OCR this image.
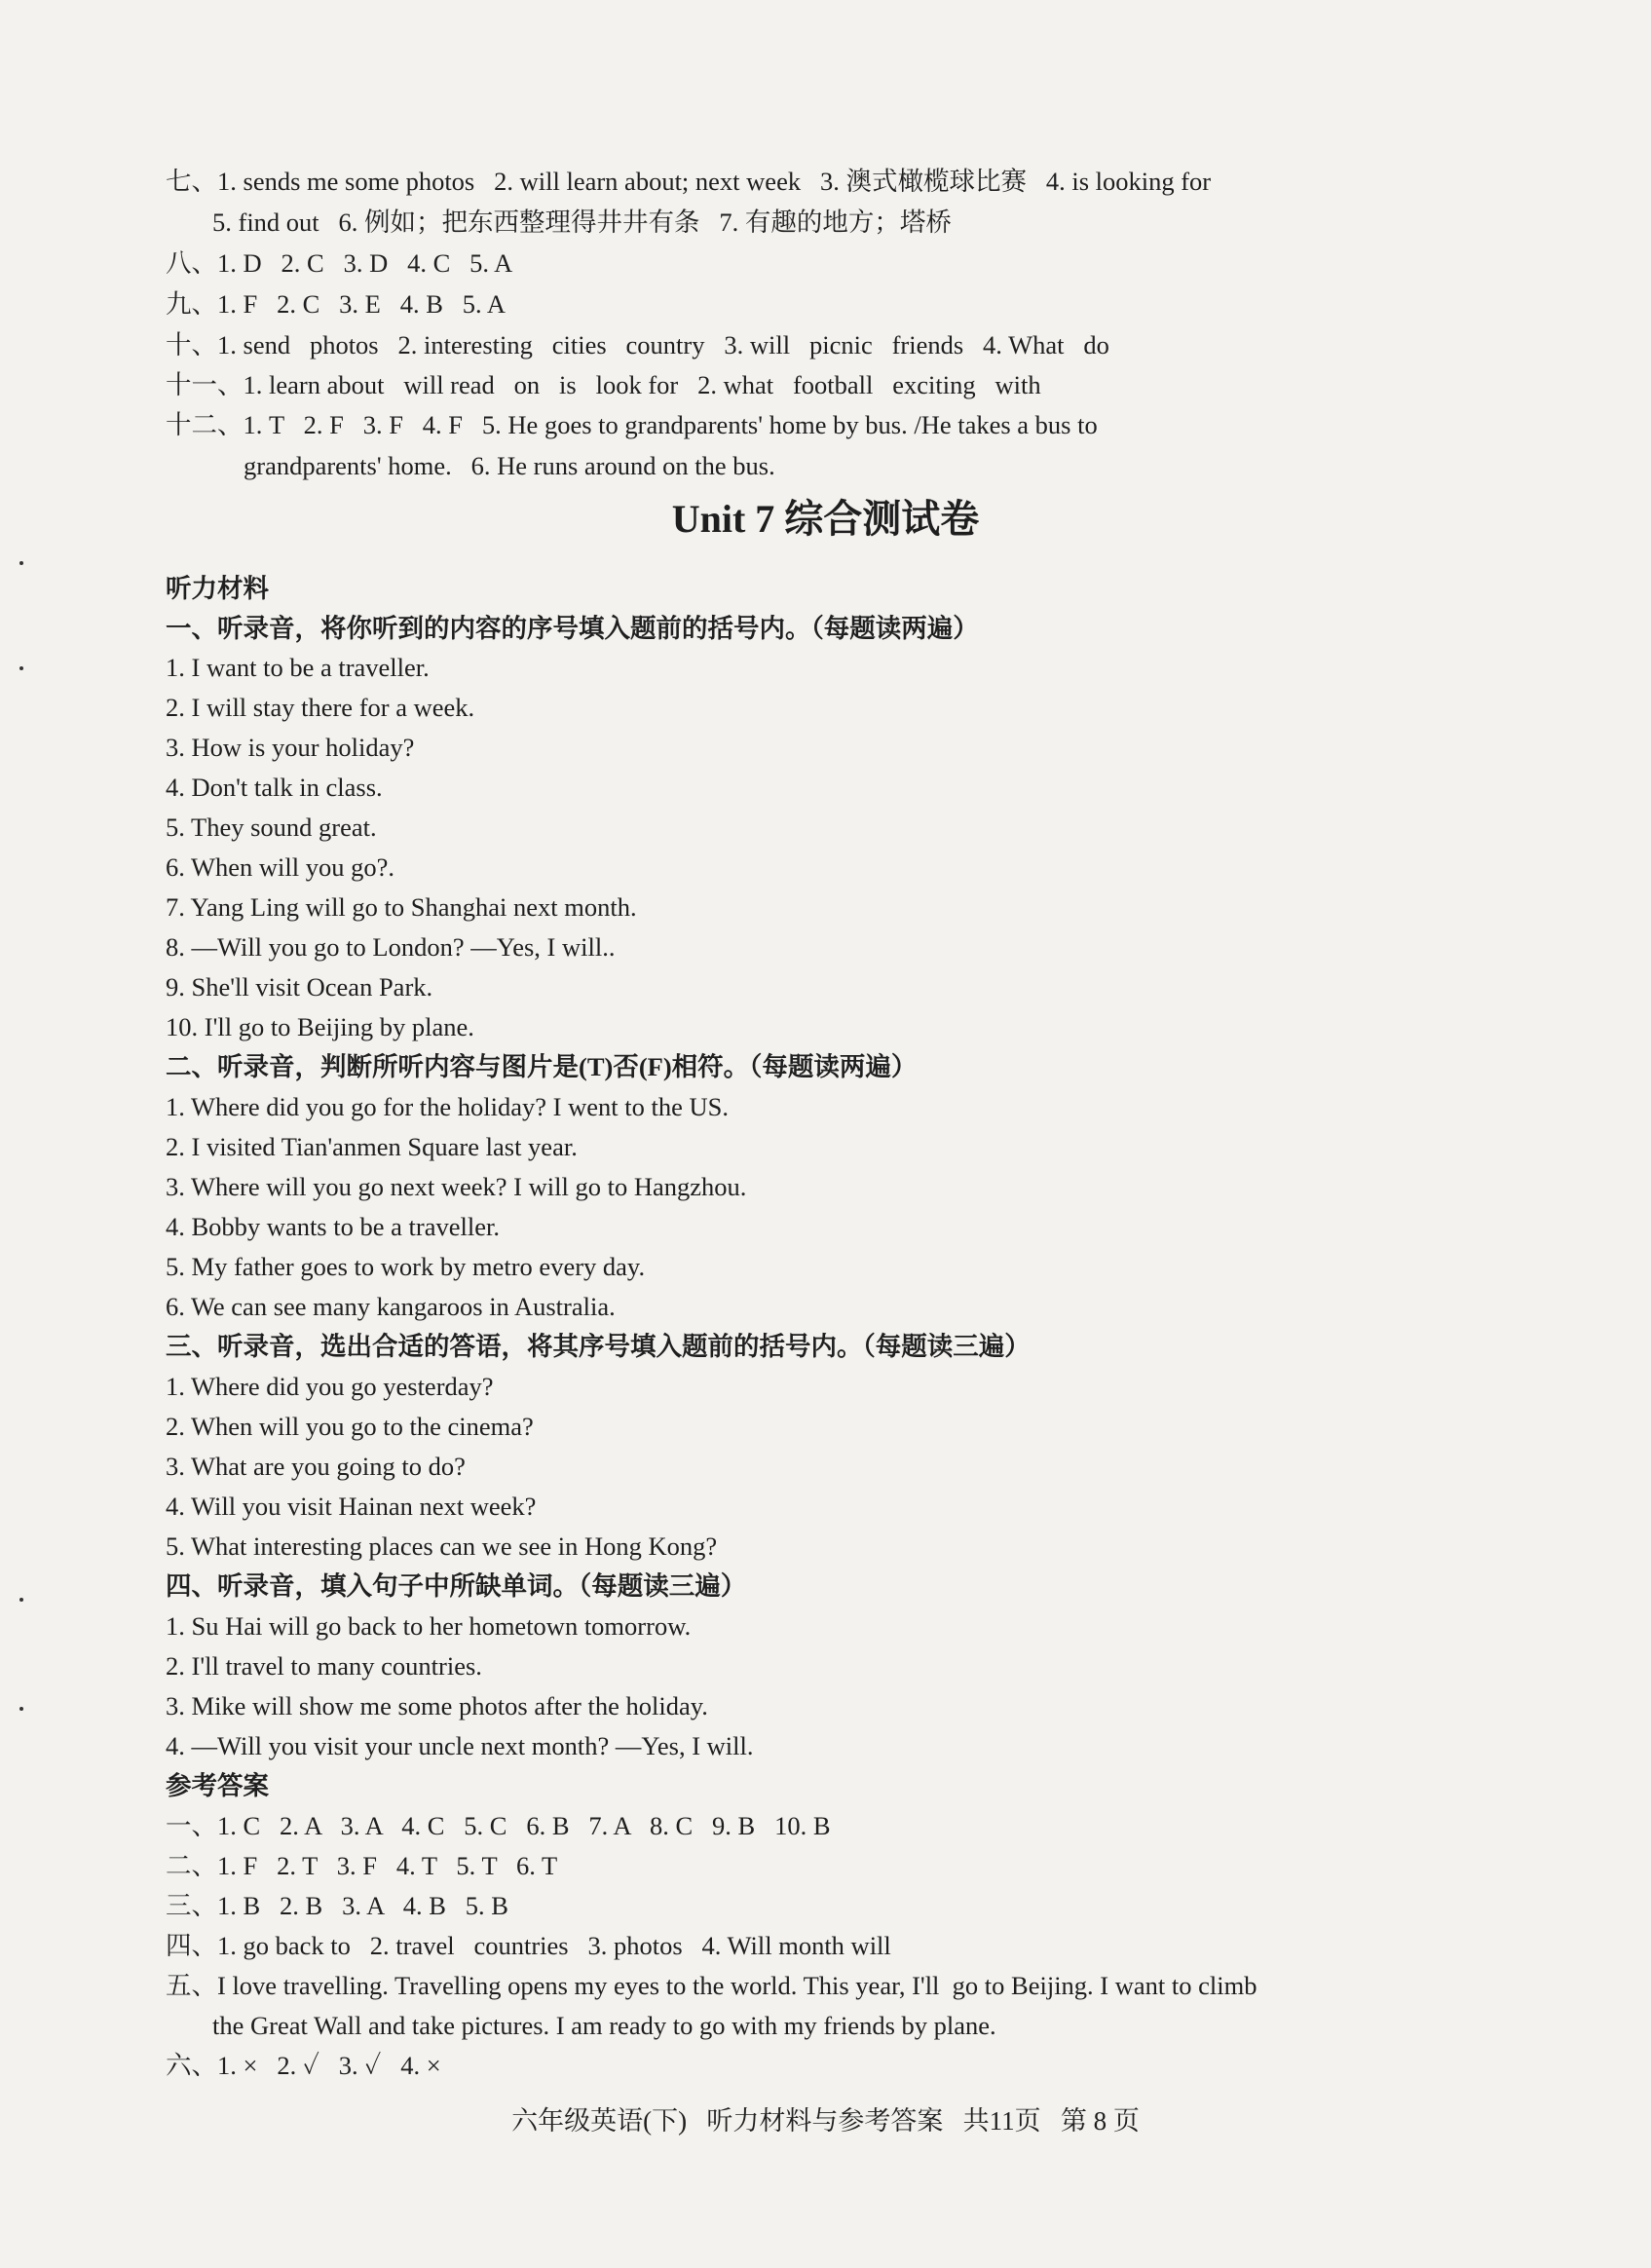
七、1. sends me some photos   2. will learn about; next week   3. 澳式橄榄球比赛   4. is looking for
5. find out   6. 例如；把东西整理得井井有条   7. 有趣的地方；塔桥
八、1. D   2. C   3. D   4. C   5. A
九、1. F   2. C   3. E   4. B   5. A
十、1. send   photos   2. interesting   cities   country   3. will   picnic   friends   4. What   do
十一、1. learn about   will read   on   is   look for   2. what   football   exciting   with
十二、1. T   2. F   3. F   4. F   5. He goes to grandparents' home by bus. /He takes a bus to
grandparents' home.   6. He runs around on the bus.
Unit 7 综合测试卷
听力材料
一、听录音，将你听到的内容的序号填入题前的括号内。（每题读两遍）
1. I want to be a traveller.
2. I will stay there for a week.
3. How is your holiday?
4. Don't talk in class.
5. They sound great.
6. When will you go?.
7. Yang Ling will go to Shanghai next month.
8. —Will you go to London? —Yes, I will..
9. She'll visit Ocean Park.
10. I'll go to Beijing by plane.
二、听录音，判断所听内容与图片是(T)否(F)相符。（每题读两遍）
1. Where did you go for the holiday? I went to the US.
2. I visited Tian'anmen Square last year.
3. Where will you go next week? I will go to Hangzhou.
4. Bobby wants to be a traveller.
5. My father goes to work by metro every day.
6. We can see many kangaroos in Australia.
三、听录音，选出合适的答语，将其序号填入题前的括号内。（每题读三遍）
1. Where did you go yesterday?
2. When will you go to the cinema?
3. What are you going to do?
4. Will you visit Hainan next week?
5. What interesting places can we see in Hong Kong?
四、听录音，填入句子中所缺单词。（每题读三遍）
1. Su Hai will go back to her hometown tomorrow.
2. I'll travel to many countries.
3. Mike will show me some photos after the holiday.
4. —Will you visit your uncle next month? —Yes, I will.
参考答案
一、1. C   2. A   3. A   4. C   5. C   6. B   7. A   8. C   9. B   10. B
二、1. F   2. T   3. F   4. T   5. T   6. T
三、1. B   2. B   3. A   4. B   5. B
四、1. go back to   2. travel   countries   3. photos   4. Will month will
五、I love travelling. Travelling opens my eyes to the world. This year, I'll  go to Beijing. I want to climb
the Great Wall and take pictures. I am ready to go with my friends by plane.
六、1. ×   2. ✓   3. ✓   4. ×
六年级英语(下)   听力材料与参考答案   共11页   第 8 页
